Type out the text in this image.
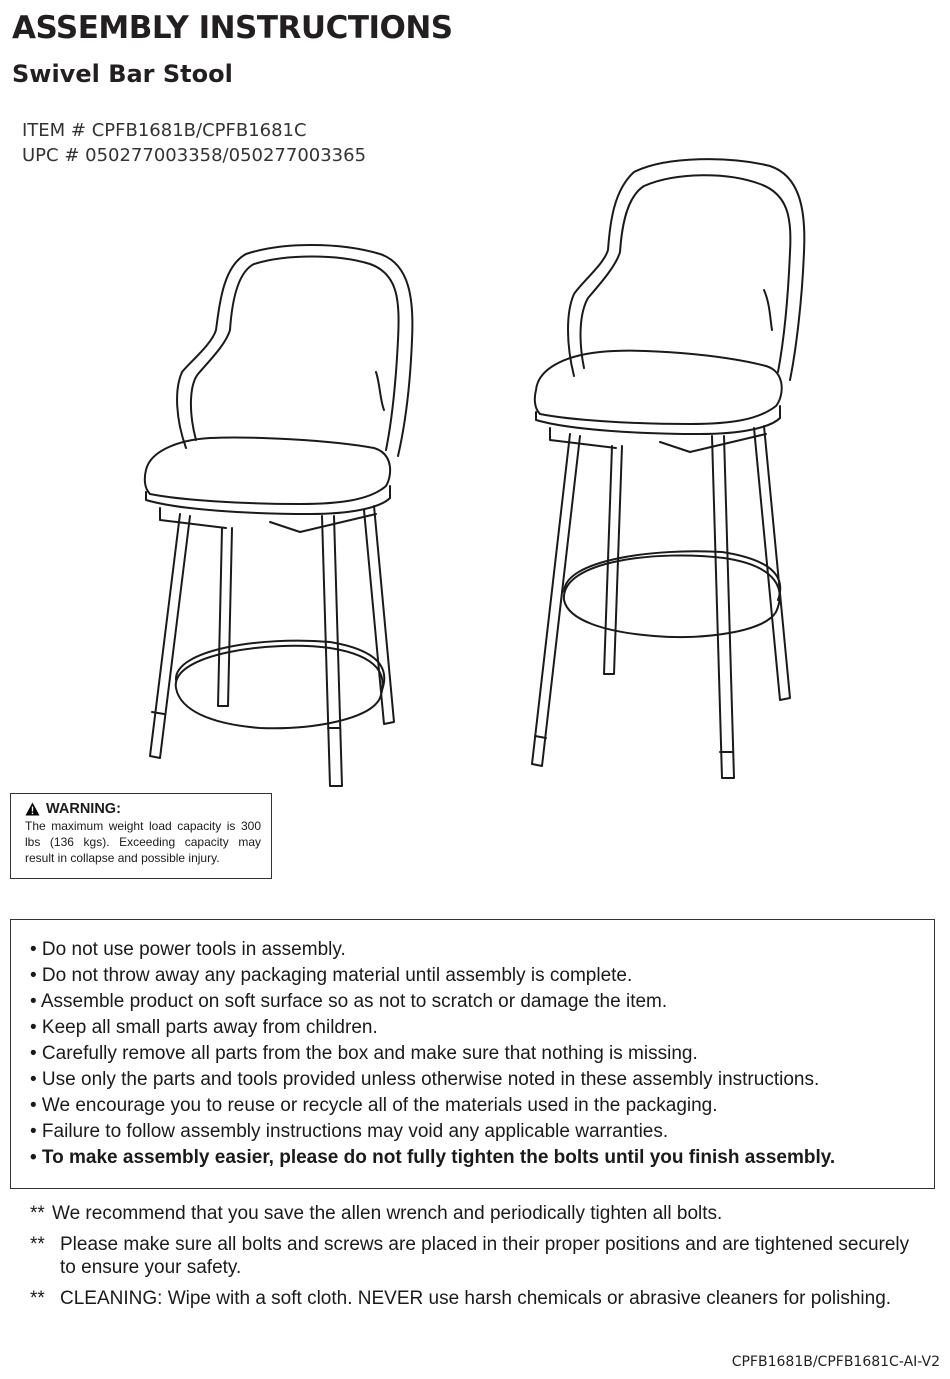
ASSEMBLY INSTRUCTIONS
Swivel Bar Stool
ITEM # CPFB1681B/CPFB1681C
UPC # 050277003358/050277003365
WARNING:
The maximum weight load capacity is 300 lbs (136 kgs). Exceeding capacity may result in collapse and possible injury.
• Do not use power tools in assembly.
• Do not throw away any packaging material until assembly is complete.
• Assemble product on soft surface so as not to scratch or damage the item.
• Keep all small parts away from children.
• Carefully remove all parts from the box and make sure that nothing is missing.
• Use only the parts and tools provided unless otherwise noted in these assembly instructions.
• We encourage you to reuse or recycle all of the materials used in the packaging.
• Failure to follow assembly instructions may void any applicable warranties.
• To make assembly easier, please do not fully tighten the bolts until you finish assembly.
** We recommend that you save the allen wrench and periodically tighten all bolts.
** Please make sure all bolts and screws are placed in their proper positions and are tightened securely to ensure your safety.
** CLEANING: Wipe with a soft cloth. NEVER use harsh chemicals or abrasive cleaners for polishing.
CPFB1681B/CPFB1681C-AI-V2
